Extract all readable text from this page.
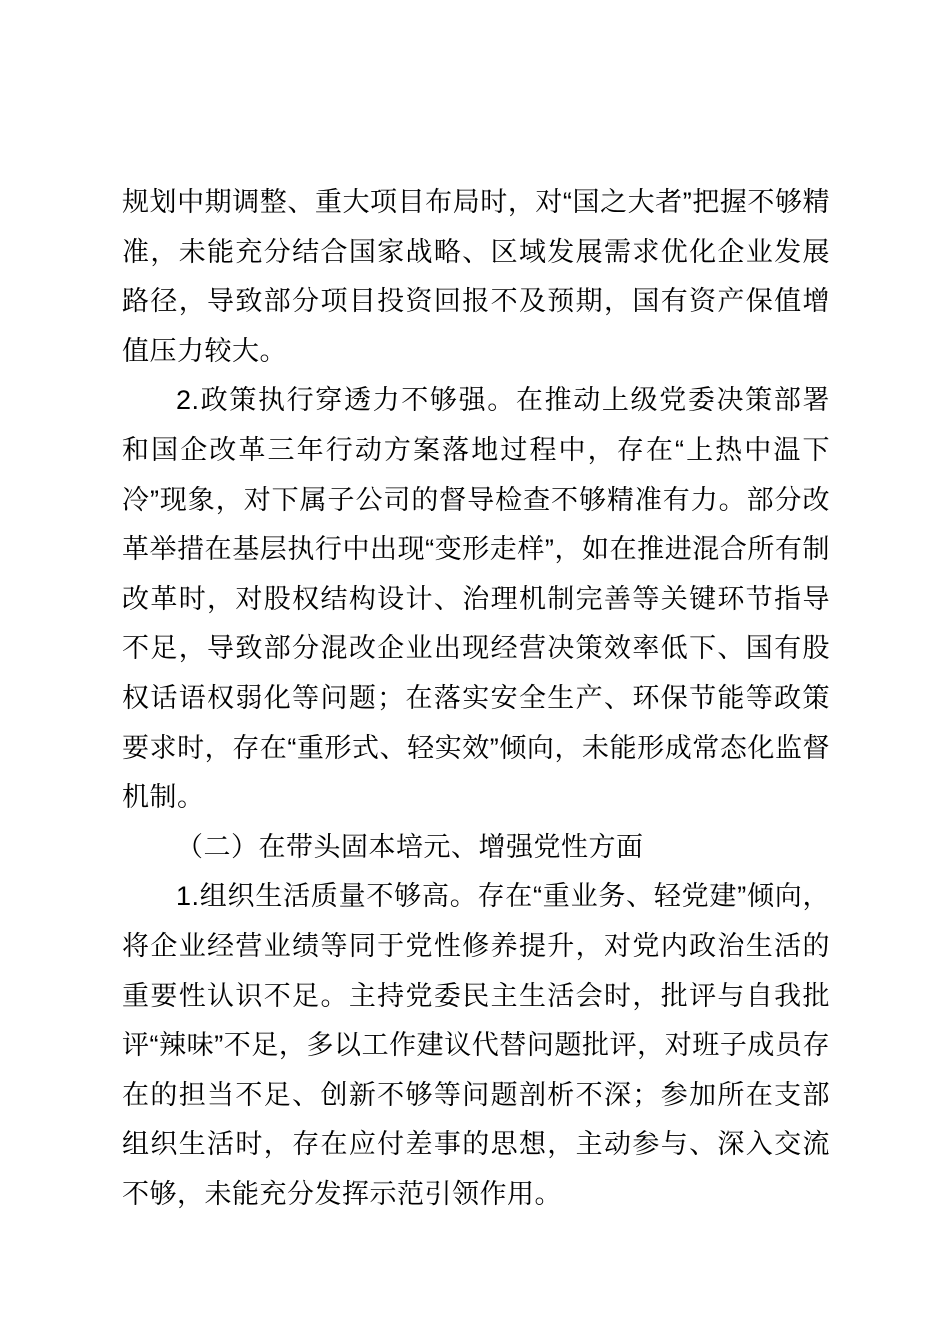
规划中期调整、重大项目布局时，对“国之大者”把握不够精准，未能充分结合国家战略、区域发展需求优化企业发展路径，导致部分项目投资回报不及预期，国有资产保值增值压力较大。

2.政策执行穿透力不够强。在推动上级党委决策部署和国企改革三年行动方案落地过程中，存在“上热中温下冷”现象，对下属子公司的督导检查不够精准有力。部分改革举措在基层执行中出现“变形走样”，如在推进混合所有制改革时，对股权结构设计、治理机制完善等关键环节指导不足，导致部分混改企业出现经营决策效率低下、国有股权话语权弱化等问题；在落实安全生产、环保节能等政策要求时，存在“重形式、轻实效”倾向，未能形成常态化监督机制。

（二）在带头固本培元、增强党性方面

1.组织生活质量不够高。存在“重业务、轻党建”倾向，将企业经营业绩等同于党性修养提升，对党内政治生活的重要性认识不足。主持党委民主生活会时，批评与自我批评“辣味”不足，多以工作建议代替问题批评，对班子成员存在的担当不足、创新不够等问题剖析不深；参加所在支部组织生活时，存在应付差事的思想，主动参与、深入交流不够，未能充分发挥示范引领作用。
